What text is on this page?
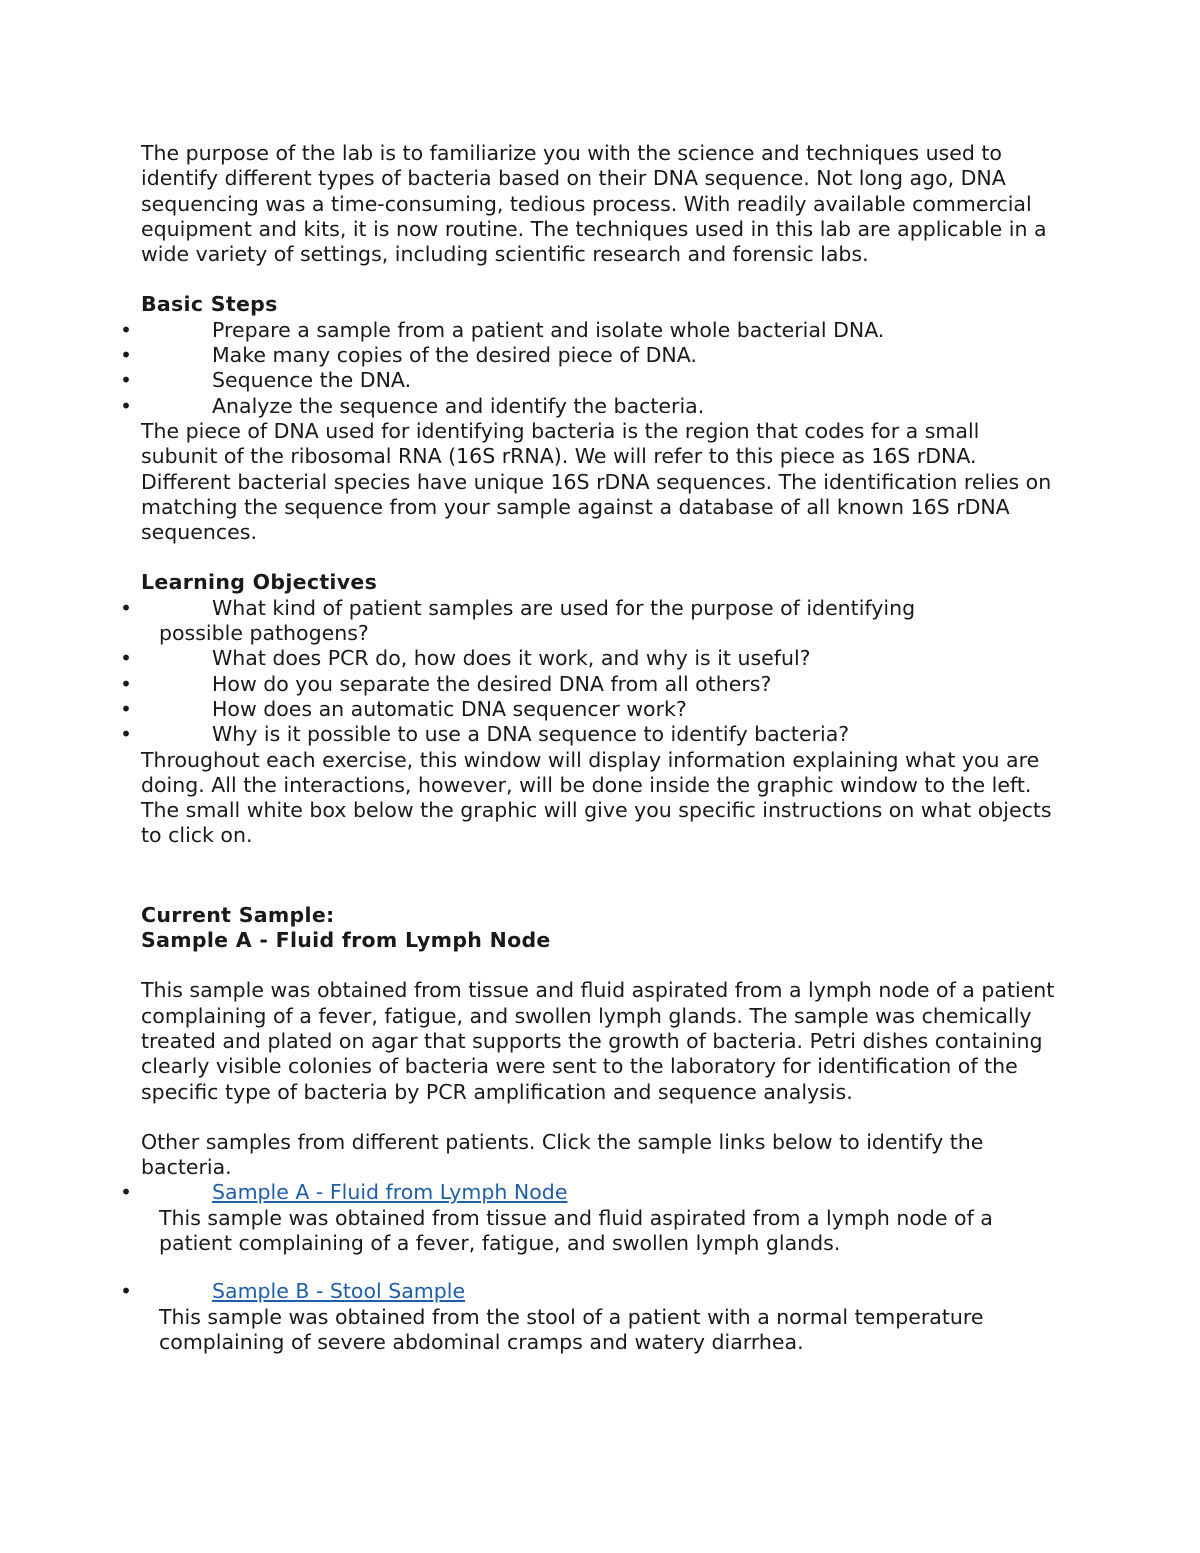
The purpose of the lab is to familiarize you with the science and techniques used to identify different types of bacteria based on their DNA sequence. Not long ago, DNA sequencing was a time-consuming, tedious process. With readily available commercial equipment and kits, it is now routine. The techniques used in this lab are applicable in a wide variety of settings, including scientific research and forensic labs.

Basic Steps

•	Prepare a sample from a patient and isolate whole bacterial DNA.
•	Make many copies of the desired piece of DNA.
•	Sequence the DNA.
•	Analyze the sequence and identify the bacteria.

The piece of DNA used for identifying bacteria is the region that codes for a small subunit of the ribosomal RNA (16S rRNA). We will refer to this piece as 16S rDNA. Different bacterial species have unique 16S rDNA sequences. The identification relies on matching the sequence from your sample against a database of all known 16S rDNA sequences.

Learning Objectives

•	What kind of patient samples are used for the purpose of identifying
possible pathogens?
•	What does PCR do, how does it work, and why is it useful?
•	How do you separate the desired DNA from all others?
•	How does an automatic DNA sequencer work?
•	Why is it possible to use a DNA sequence to identify bacteria?

Throughout each exercise, this window will display information explaining what you are doing. All the interactions, however, will be done inside the graphic window to the left. The small white box below the graphic will give you specific instructions on what objects to click on.

Current Sample:

Sample A - Fluid from Lymph Node

This sample was obtained from tissue and fluid aspirated from a lymph node of a patient complaining of a fever, fatigue, and swollen lymph glands. The sample was chemically treated and plated on agar that supports the growth of bacteria. Petri dishes containing clearly visible colonies of bacteria were sent to the laboratory for identification of the specific type of bacteria by PCR amplification and sequence analysis.

Other samples from different patients. Click the sample links below to identify the bacteria.

•	Sample A - Fluid from Lymph Node
This sample was obtained from tissue and fluid aspirated from a lymph node of a patient complaining of a fever, fatigue, and swollen lymph glands.
•	Sample B - Stool Sample
This sample was obtained from the stool of a patient with a normal temperature complaining of severe abdominal cramps and watery diarrhea.
